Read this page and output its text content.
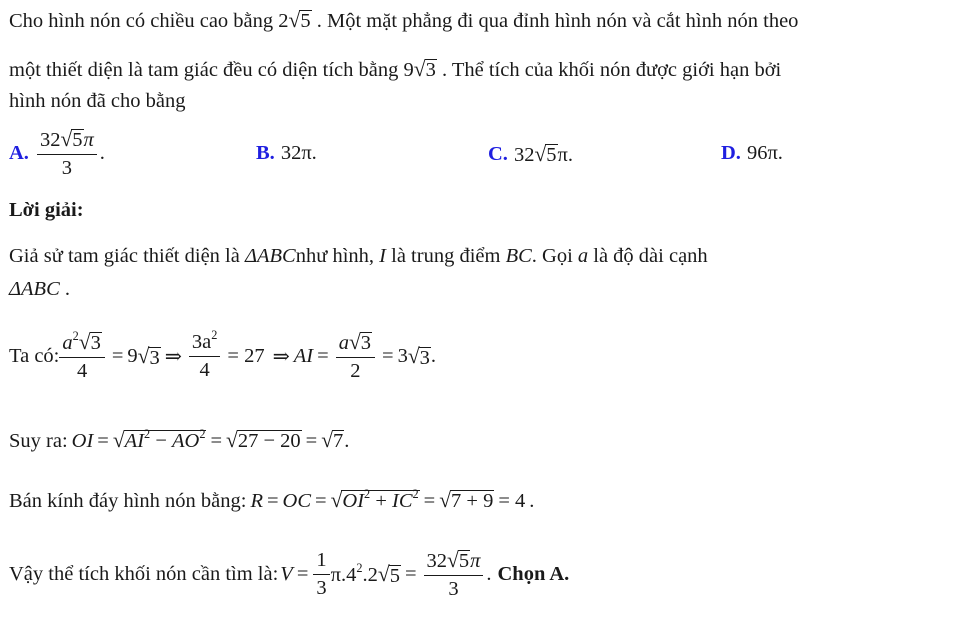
Cho hình nón có chiều cao bằng 2 √ 5 . Một mặt phẳng đi qua đỉnh hình nón và cắt hình nón theo
một thiết diện là tam giác đều có diện tích bằng 9 √ 3 . Thể tích của khối nón được giới hạn bởi
hình nón đã cho bằng
A. $\frac{32 √ 5 \pi}{3}$ .	B. 32π.	C. 32 √ 5 π.	D. 96π.
Lời giải:
Giả sử tam giác thiết diện là ΔABCnhư hình, I là trung điểm BC. Gọi a là độ dài cạnh
ΔABC .
Ta có: $\frac{a^2 √ 3}{4} = 9$ √ 3 ⇒ $\frac{3a^2}{4} = 27$ ⇒ AI = $\frac{a √ 3}{2} = 3$ √ 3 .
Suy ra: OI = √ $AI^2 - AO^2$ = √ 27 − 20 = √ 7 .
Bán kính đáy hình nón bằng: R = OC = √ $OI^2 + IC^2$ = √ 7 + 9 = 4 .
Vậy thể tích khối nón cần tìm là: $V = \frac{1}{3} \pi.4^2.2$ √ $5 = \frac{32 √ 5 \pi}{3}$ . Chọn A.
